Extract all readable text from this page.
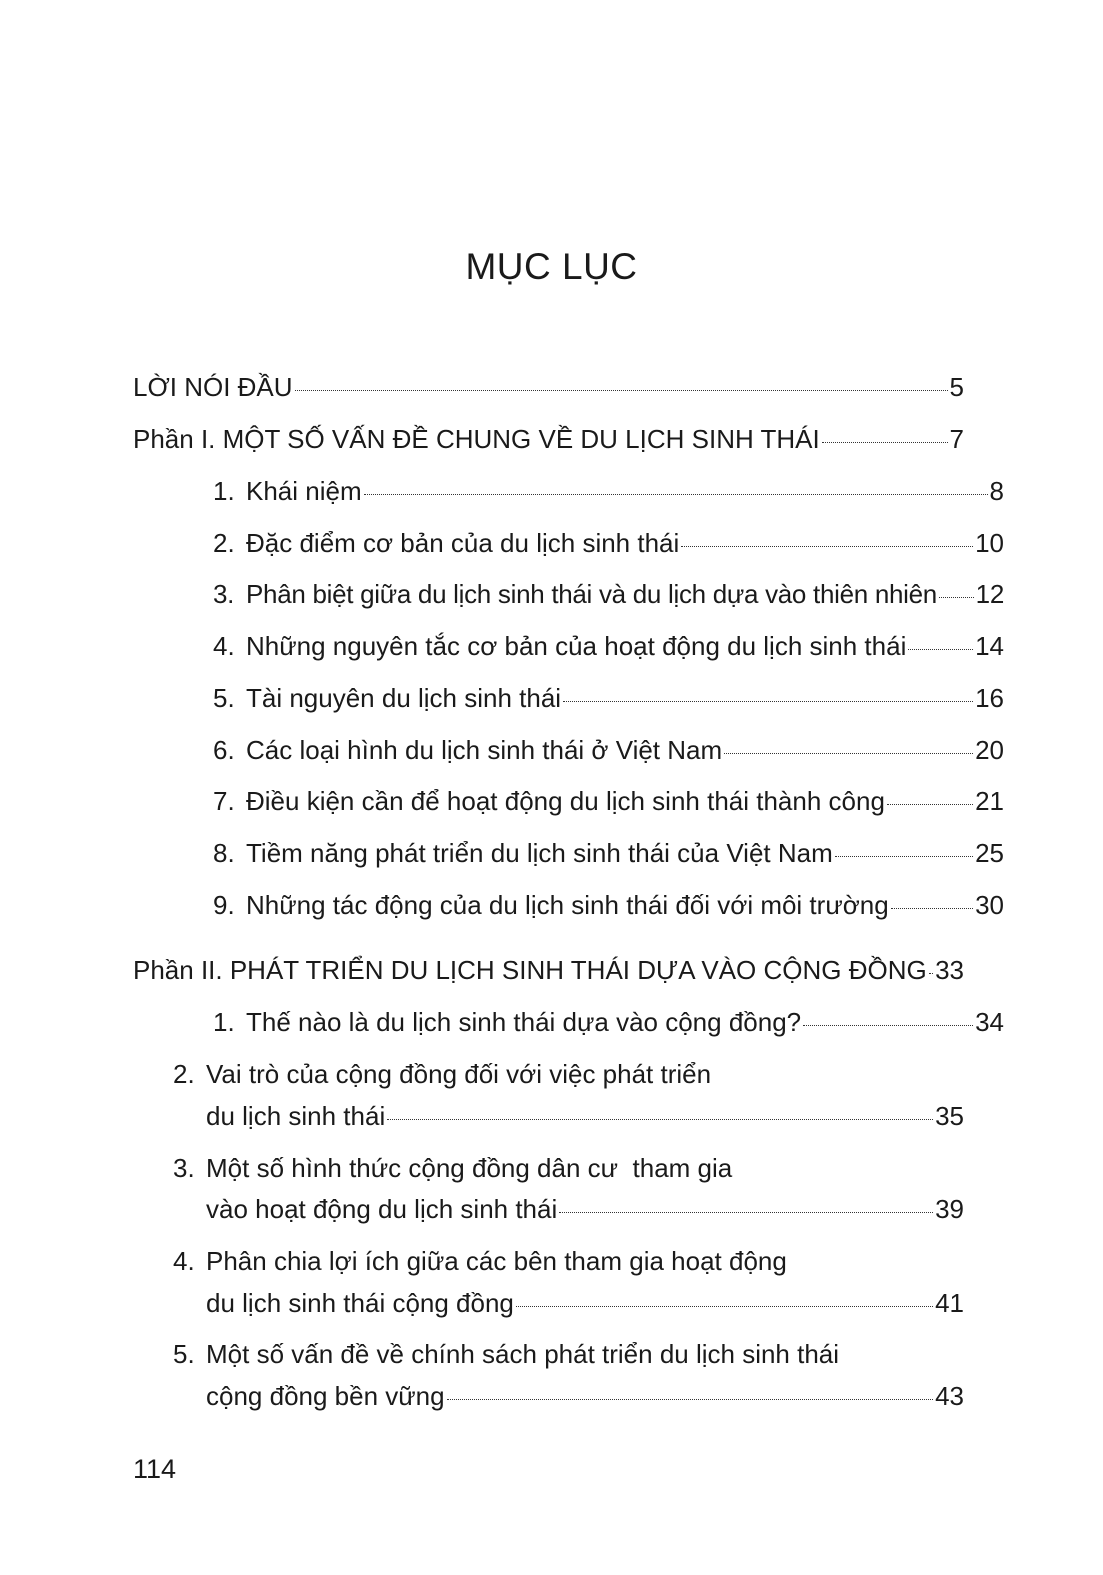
MỤC LỤC
LỜI NÓI ĐẦU	5
Phần I. MỘT SỐ VẤN ĐỀ CHUNG VỀ DU LỊCH SINH THÁI	7
1. Khái niệm	8
2. Đặc điểm cơ bản của du lịch sinh thái	10
3. Phân biệt giữa du lịch sinh thái và du lịch dựa vào thiên nhiên 12
4. Những nguyên tắc cơ bản của hoạt động du lịch sinh thái	14
5. Tài nguyên du lịch sinh thái	16
6. Các loại hình du lịch sinh thái ở Việt Nam	20
7. Điều kiện cần để hoạt động du lịch sinh thái thành công	21
8. Tiềm năng phát triển du lịch sinh thái của Việt Nam	25
9. Những tác động của du lịch sinh thái đối với môi trường	30
Phần II. PHÁT TRIỂN DU LỊCH SINH THÁI DỰA VÀO CỘNG ĐỒNG 33
1. Thế nào là du lịch sinh thái dựa vào cộng đồng?	34
2. Vai trò của cộng đồng đối với việc phát triển
du lịch sinh thái	35
3. Một số hình thức cộng đồng dân cư  tham gia
vào hoạt động du lịch sinh thái	39
4. Phân chia lợi ích giữa các bên tham gia hoạt động
du lịch sinh thái cộng đồng	41
5. Một số vấn đề về chính sách phát triển du lịch sinh thái
cộng đồng bền vững	43
114
